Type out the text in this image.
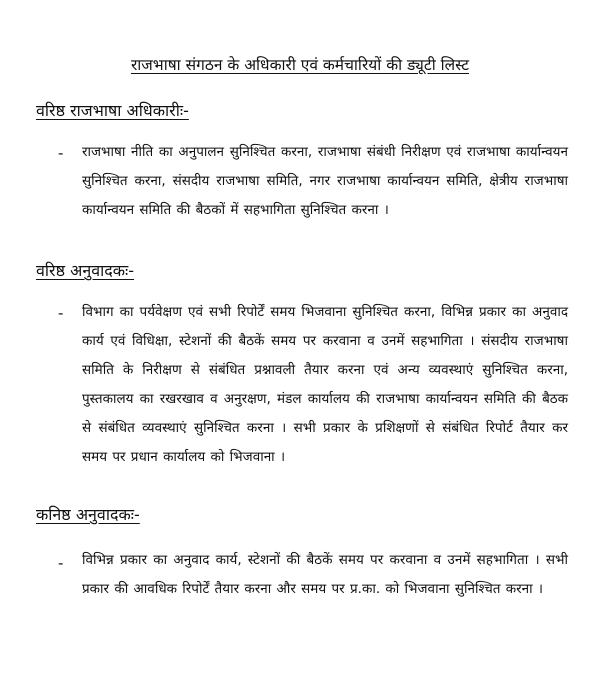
राजभाषा संगठन के अधिकारी एवं कर्मचारियों की ड्यूटी लिस्ट
वरिष्ठ राजभाषा अधिकारीः-
- राजभाषा नीति का अनुपालन सुनिश्चित करना, राजभाषा संबंधी निरीक्षण एवं राजभाषा कार्यान्वयन सुनिश्चित करना, संसदीय राजभाषा समिति, नगर राजभाषा कार्यान्वयन समिति, क्षेत्रीय राजभाषा कार्यान्वयन समिति की बैठकों में सहभागिता सुनिश्चित करना ।
वरिष्ठ अनुवादकः-
- विभाग का पर्यवेक्षण एवं सभी रिपोर्टें समय भिजवाना सुनिश्चित करना, विभिन्न प्रकार का अनुवाद कार्य एवं विधिक्षा, स्टेशनों की बैठकें समय पर करवाना व उनमें सहभागिता । संसदीय राजभाषा समिति के निरीक्षण से संबंधित प्रश्नावली तैयार करना एवं अन्य व्यवस्थाएं सुनिश्चित करना, पुस्तकालय का रखरखाव व अनुरक्षण, मंडल कार्यालय की राजभाषा कार्यान्वयन समिति की बैठक से संबंधित व्यवस्थाएं सुनिश्चित करना । सभी प्रकार के प्रशिक्षणों से संबंधित रिपोर्ट तैयार कर समय पर प्रधान कार्यालय को भिजवाना ।
कनिष्ठ अनुवादकः-
- विभिन्न प्रकार का अनुवाद कार्य, स्टेशनों की बैठकें समय पर करवाना व उनमें सहभागिता । सभी प्रकार की आवधिक रिपोर्टें तैयार करना और समय पर प्र.का. को भिजवाना सुनिश्चित करना ।
